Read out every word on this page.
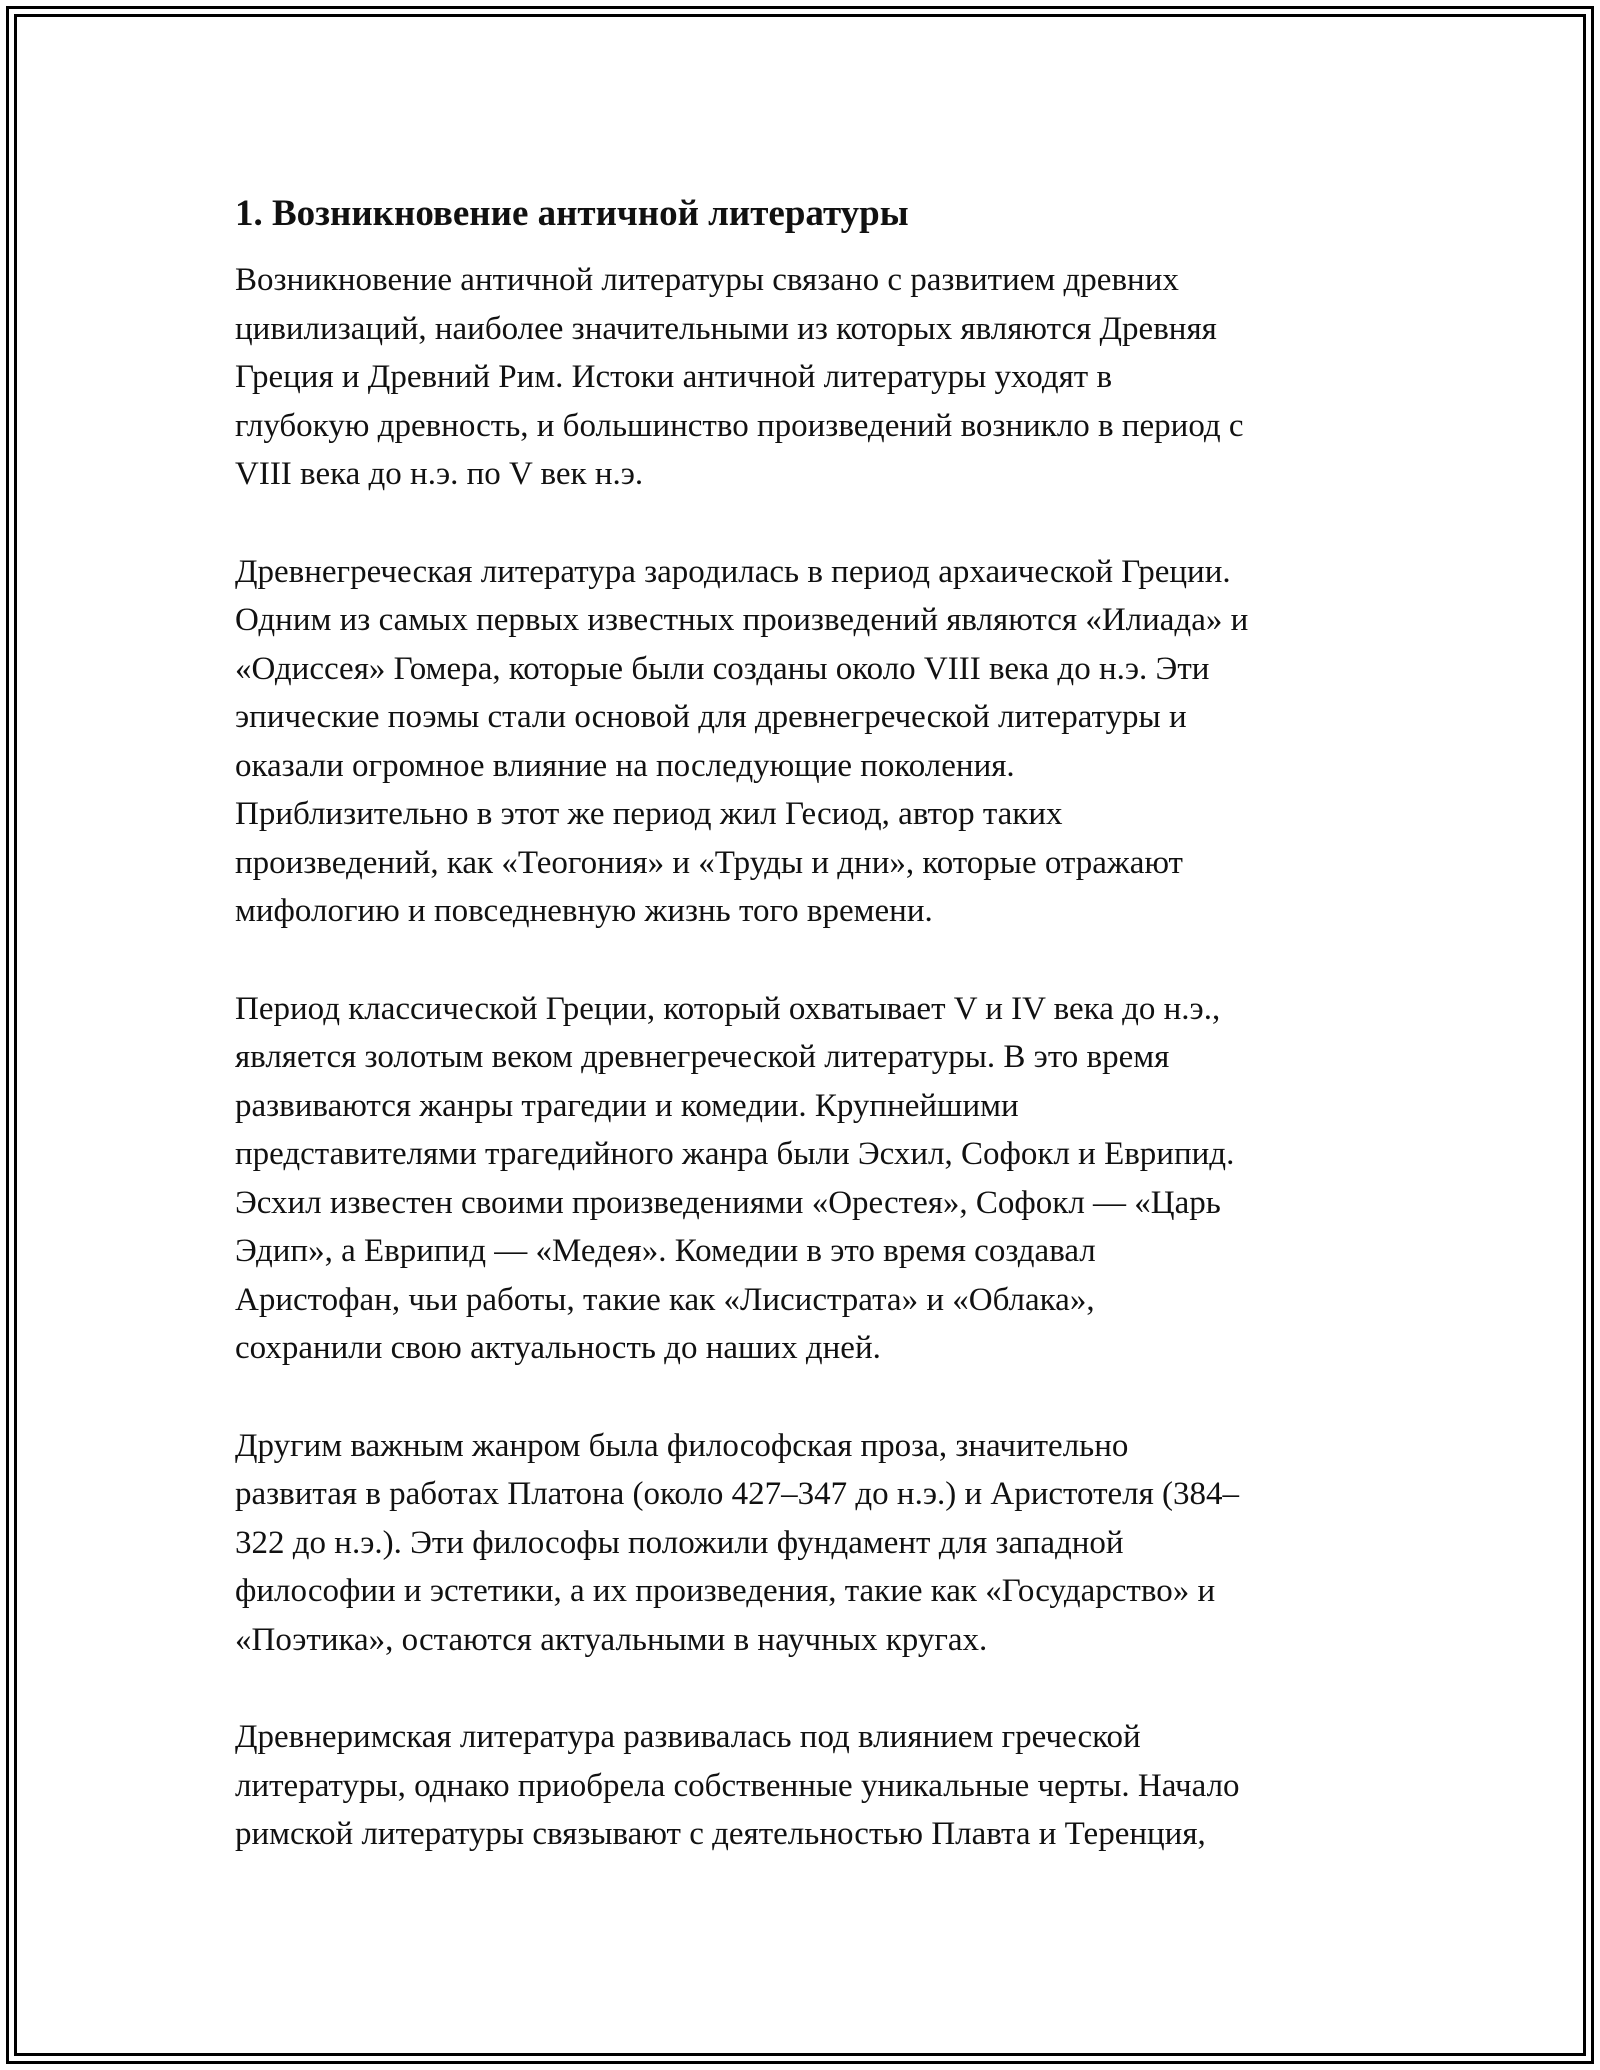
1. Возникновение античной литературы

Возникновение античной литературы связано с развитием древних
цивилизаций, наиболее значительными из которых являются Древняя
Греция и Древний Рим. Истоки античной литературы уходят в
глубокую древность, и большинство произведений возникло в период с
VIII века до н.э. по V век н.э.

Древнегреческая литература зародилась в период архаической Греции.
Одним из самых первых известных произведений являются «Илиада» и
«Одиссея» Гомера, которые были созданы около VIII века до н.э. Эти
эпические поэмы стали основой для древнегреческой литературы и
оказали огромное влияние на последующие поколения.
Приблизительно в этот же период жил Гесиод, автор таких
произведений, как «Теогония» и «Труды и дни», которые отражают
мифологию и повседневную жизнь того времени.

Период классической Греции, который охватывает V и IV века до н.э.,
является золотым веком древнегреческой литературы. В это время
развиваются жанры трагедии и комедии. Крупнейшими
представителями трагедийного жанра были Эсхил, Софокл и Еврипид.
Эсхил известен своими произведениями «Орестея», Софокл — «Царь
Эдип», а Еврипид — «Медея». Комедии в это время создавал
Аристофан, чьи работы, такие как «Лисистрата» и «Облака»,
сохранили свою актуальность до наших дней.

Другим важным жанром была философская проза, значительно
развитая в работах Платона (около 427–347 до н.э.) и Аристотеля (384–
322 до н.э.). Эти философы положили фундамент для западной
философии и эстетики, а их произведения, такие как «Государство» и
«Поэтика», остаются актуальными в научных кругах.

Древнеримская литература развивалась под влиянием греческой
литературы, однако приобрела собственные уникальные черты. Начало
римской литературы связывают с деятельностью Плавта и Теренция,
